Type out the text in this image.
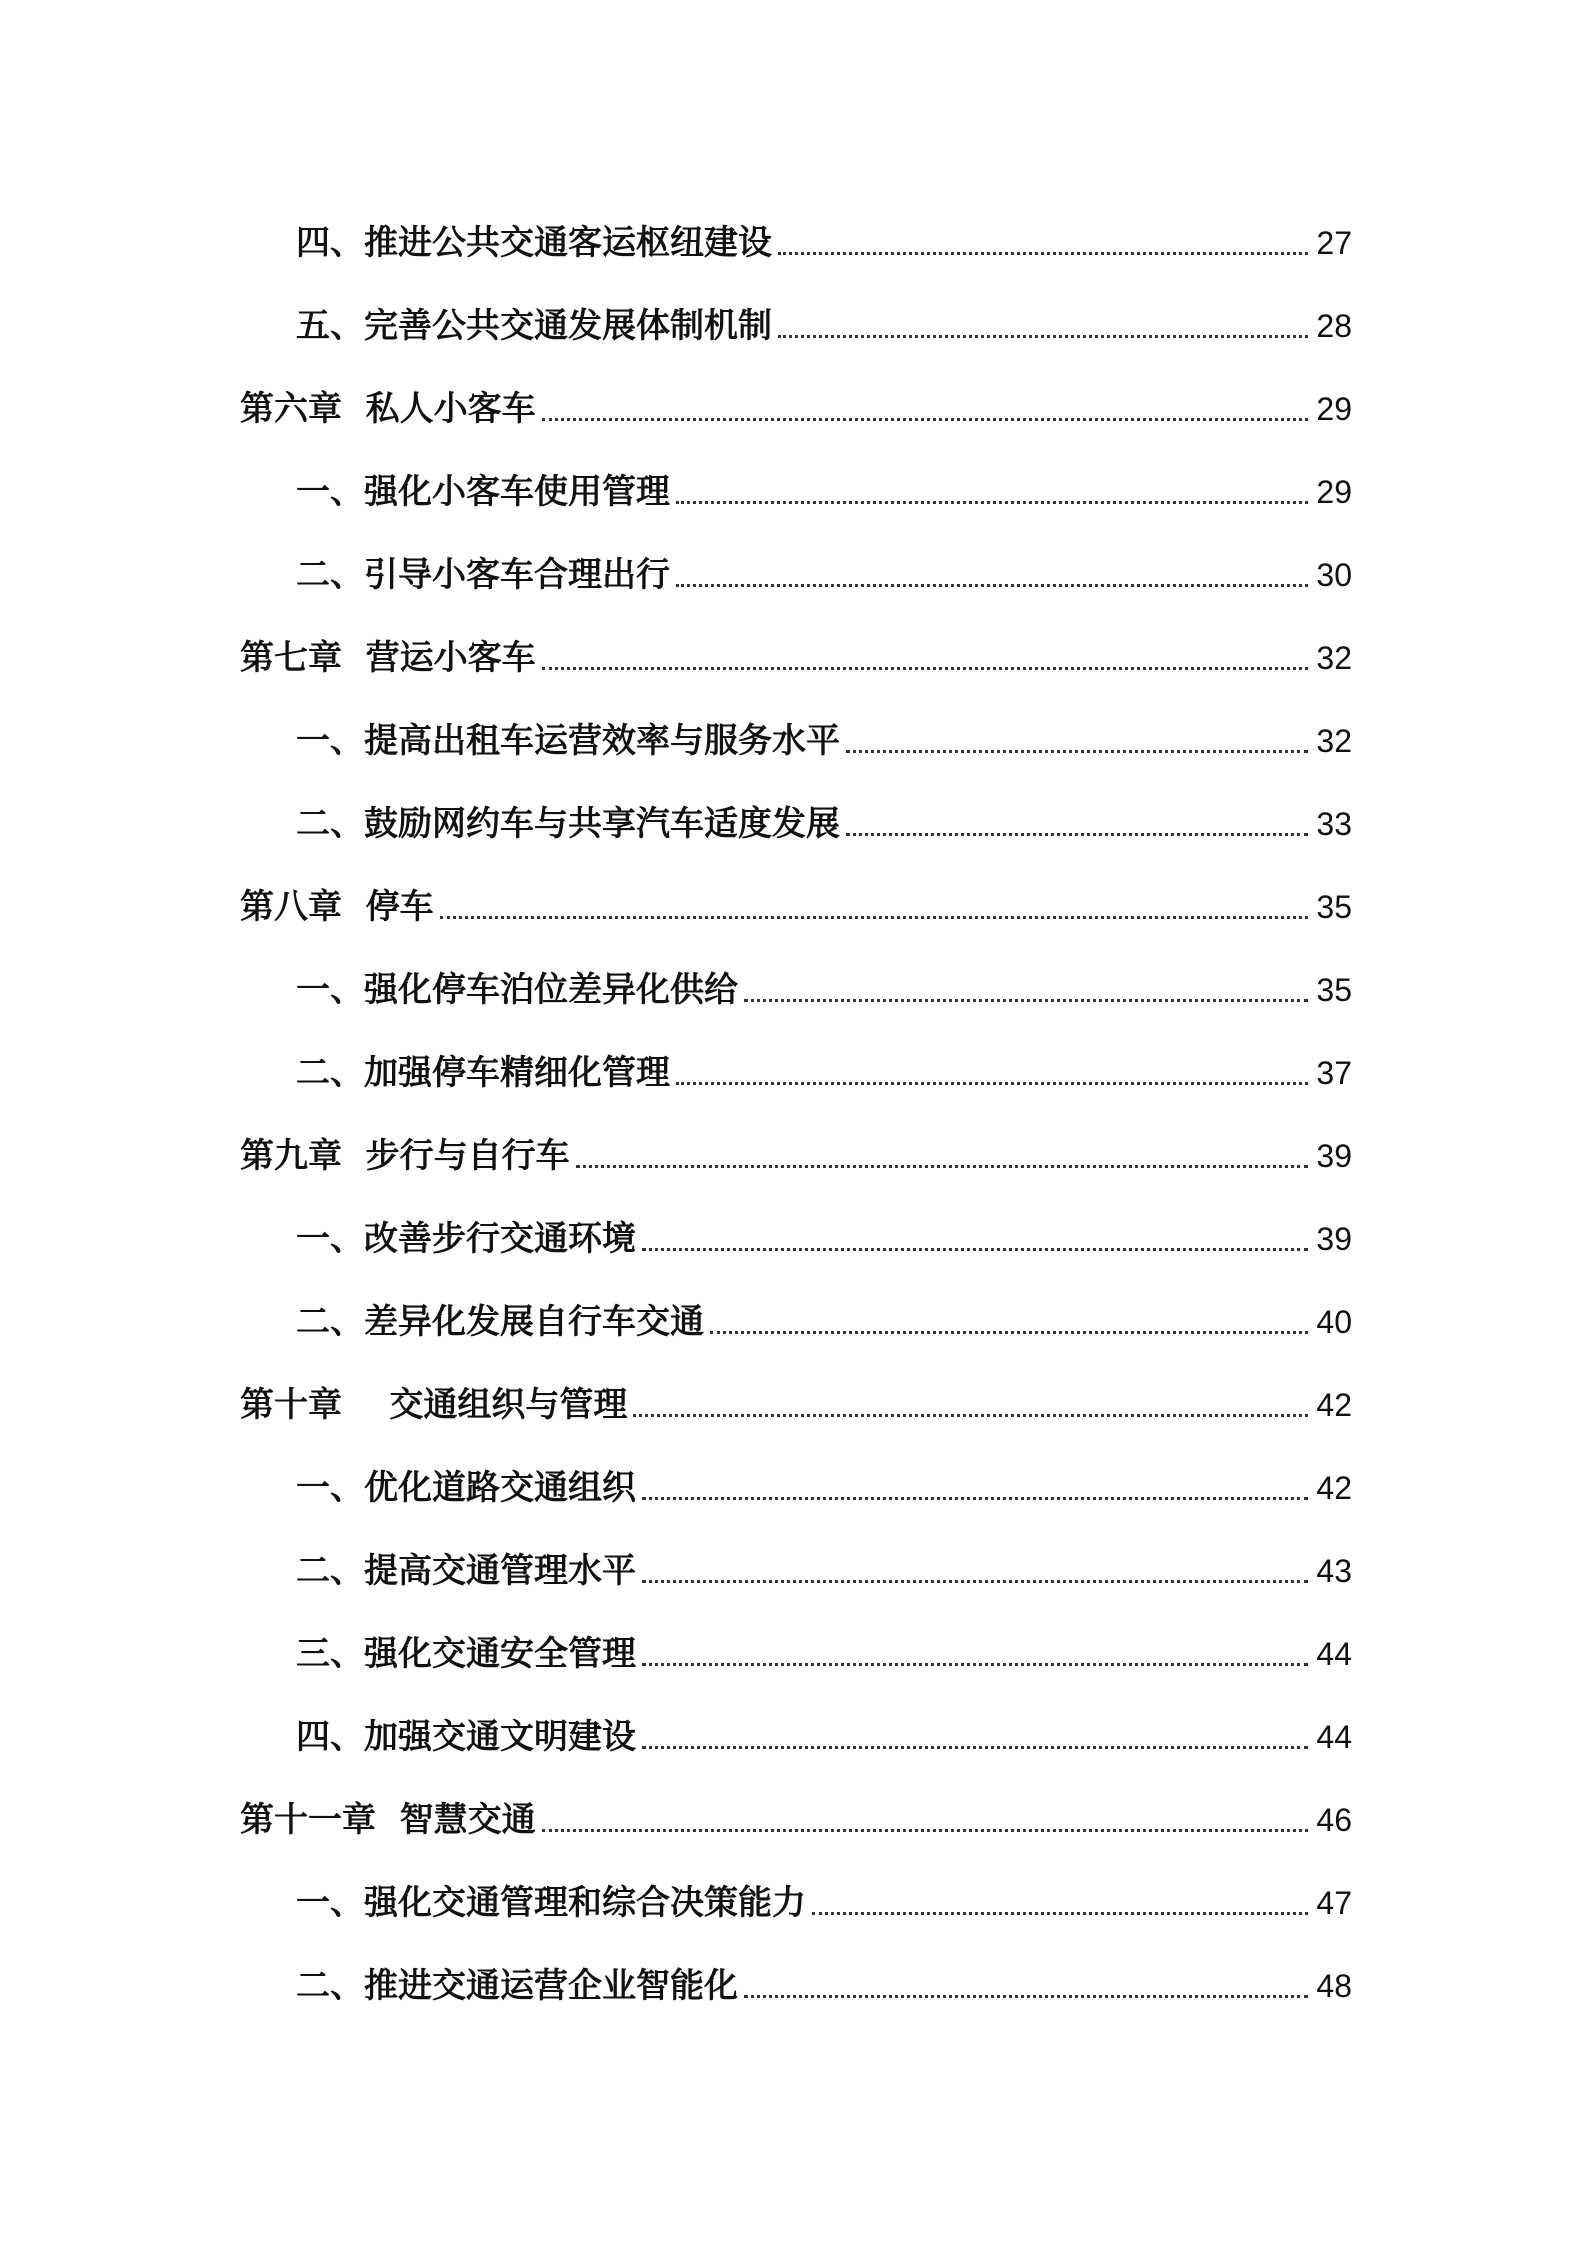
四、推进公共交通客运枢纽建设	27
五、完善公共交通发展体制机制	28
第六章  私人小客车	29
一、强化小客车使用管理	29
二、引导小客车合理出行	30
第七章  营运小客车	32
一、提高出租车运营效率与服务水平	32
二、鼓励网约车与共享汽车适度发展	33
第八章  停车	35
一、强化停车泊位差异化供给	35
二、加强停车精细化管理	37
第九章  步行与自行车	39
一、改善步行交通环境	39
二、差异化发展自行车交通	40
第十章    交通组织与管理	42
一、优化道路交通组织	42
二、提高交通管理水平	43
三、强化交通安全管理	44
四、加强交通文明建设	44
第十一章  智慧交通	46
一、强化交通管理和综合决策能力	47
二、推进交通运营企业智能化	48
